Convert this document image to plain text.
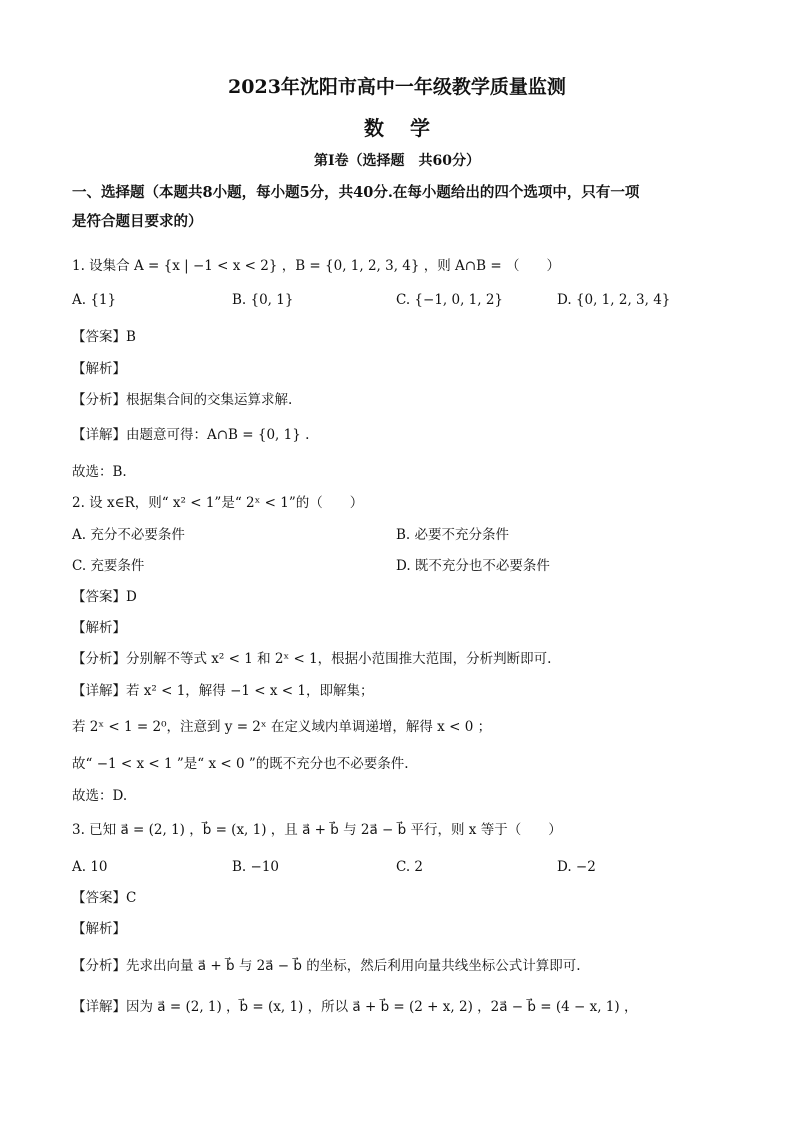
2023年沈阳市高中一年级教学质量监测
数学
第Ⅰ卷（选择题　共60分）
一、选择题（本题共8小题，每小题5分，共40分.在每小题给出的四个选项中，只有一项
是符合题目要求的）
1. 设集合 A = {x | −1 < x < 2} ，B = {0, 1, 2, 3, 4} ，则 A∩B = （　　）
A. {1}	B. {0, 1}	C. {−1, 0, 1, 2}	D. {0, 1, 2, 3, 4}
【答案】B
【解析】
【分析】根据集合间的交集运算求解.
【详解】由题意可得：A∩B = {0, 1} .
故选：B.
2. 设 x∈R，则“ x² < 1”是“ 2ˣ < 1”的（　　）
A. 充分不必要条件	B. 必要不充分条件
C. 充要条件	D. 既不充分也不必要条件
【答案】D
【解析】
【分析】分别解不等式 x² < 1 和 2ˣ < 1，根据小范围推大范围，分析判断即可.
【详解】若 x² < 1，解得 −1 < x < 1，即解集；
若 2ˣ < 1 = 2⁰，注意到 y = 2ˣ 在定义域内单调递增，解得 x < 0 ；
故“ −1 < x < 1 ”是“ x < 0 ”的既不充分也不必要条件.
故选：D.
3. 已知 a⃗ = (2, 1) ，b⃗ = (x, 1) ，且 a⃗ + b⃗ 与 2a⃗ − b⃗ 平行，则 x 等于（　　）
A. 10	B. −10	C. 2	D. −2
【答案】C
【解析】
【分析】先求出向量 a⃗ + b⃗ 与 2a⃗ − b⃗ 的坐标，然后利用向量共线坐标公式计算即可.
【详解】因为 a⃗ = (2, 1) ，b⃗ = (x, 1) ，所以 a⃗ + b⃗ = (2 + x, 2) ，2a⃗ − b⃗ = (4 − x, 1) ，
